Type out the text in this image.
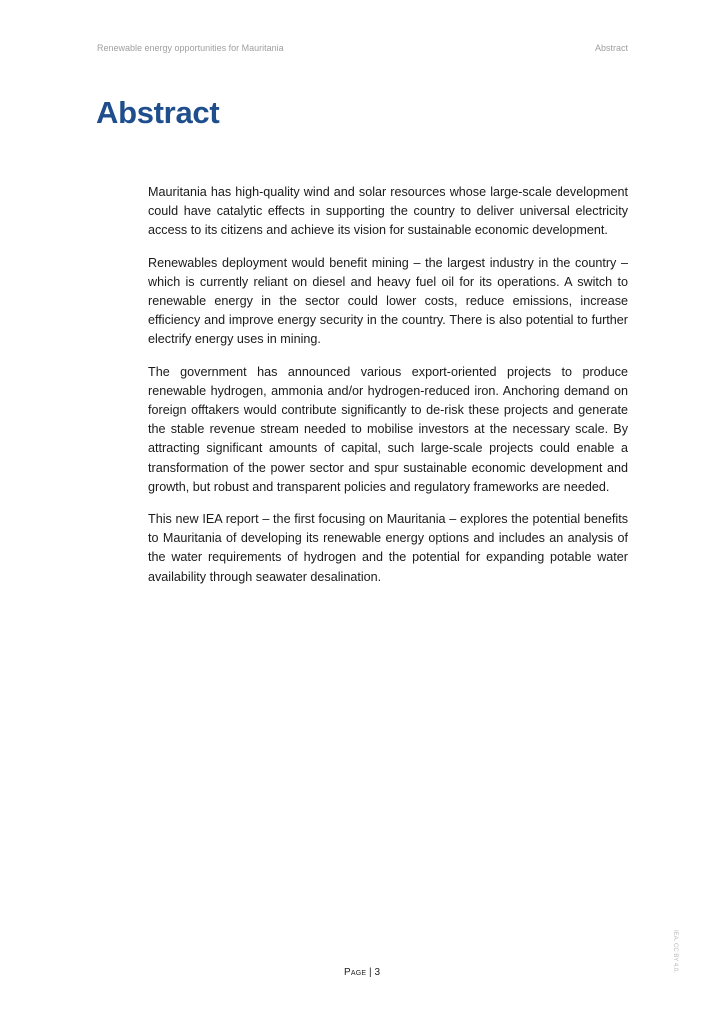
Renewable energy opportunities for Mauritania	Abstract
Abstract

Mauritania has high-quality wind and solar resources whose large-scale development could have catalytic effects in supporting the country to deliver universal electricity access to its citizens and achieve its vision for sustainable economic development.

Renewables deployment would benefit mining – the largest industry in the country – which is currently reliant on diesel and heavy fuel oil for its operations. A switch to renewable energy in the sector could lower costs, reduce emissions, increase efficiency and improve energy security in the country. There is also potential to further electrify energy uses in mining.

The government has announced various export-oriented projects to produce renewable hydrogen, ammonia and/or hydrogen-reduced iron. Anchoring demand on foreign offtakers would contribute significantly to de-risk these projects and generate the stable revenue stream needed to mobilise investors at the necessary scale. By attracting significant amounts of capital, such large-scale projects could enable a transformation of the power sector and spur sustainable economic development and growth, but robust and transparent policies and regulatory frameworks are needed.

This new IEA report – the first focusing on Mauritania – explores the potential benefits to Mauritania of developing its renewable energy options and includes an analysis of the water requirements of hydrogen and the potential for expanding potable water availability through seawater desalination.

IEA. CC BY 4.0.
Page | 3
